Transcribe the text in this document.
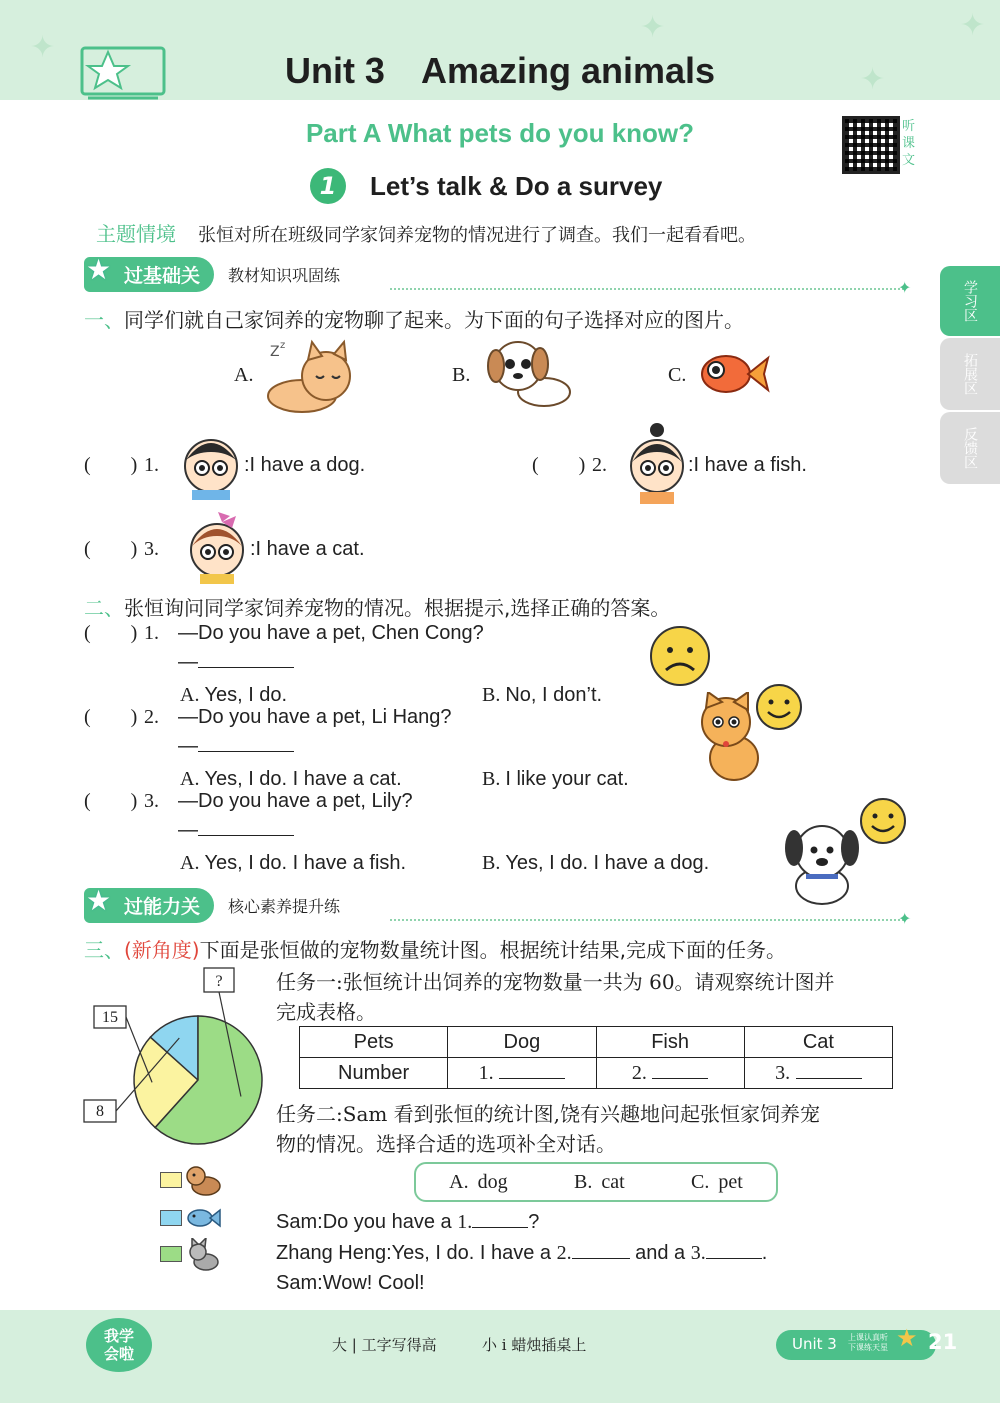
✦
✦
✦
✦
Unit 3 Amazing animals
Part A What pets do you know?
1	Let’s talk & Do a survey
听课文
主题情境 张恒对所在班级同学家饲养宠物的情况进行了调查。我们一起看看吧。
学习区
拓展区
反馈区
★ 过基础关	教材知识巩固练
✦
一、同学们就自己家饲养的宠物聊了起来。为下面的句子选择对应的图片。
A.
Z z
B.	C.
(  ) 1.	:I have a dog.	(  ) 2.	:I have a fish.
(  ) 3.	:I have a cat.
二、张恒询问同学家饲养宠物的情况。根据提示,选择正确的答案。
(  ) 1. —Do you have a pet, Chen Cong?
—
A. Yes, I do.	B. No, I don’t.
(  ) 2. —Do you have a pet, Li Hang?
—
A. Yes, I do. I have a cat.	B. I like your cat.
(  ) 3. —Do you have a pet, Lily?
—
A. Yes, I do. I have a fish.	B. Yes, I do. I have a dog.
★ 过能力关	核心素养提升练
✦
三、(新角度)下面是张恒做的宠物数量统计图。根据统计结果,完成下面的任务。
任务一:张恒统计出饲养的宠物数量一共为 60。请观察统计图并
完成表格。
Pets	Dog	Fish	Cat
Number	1.	2.	3.
任务二:Sam 看到张恒的统计图,饶有兴趣地问起张恒家饲养宠
物的情况。选择合适的选项补全对话。
A.  dog	B.  cat	C.  pet
Sam:Do you have a 1.	?
Zhang Heng:Yes, I do. I have a 2.	and a 3.	.
Sam:Wow! Cool!
15
8
?
我学会啦	大 | 工字写得高	小 i 蜡烛插桌上	Unit 3 上课认真听
下课练天星 ★ 21
